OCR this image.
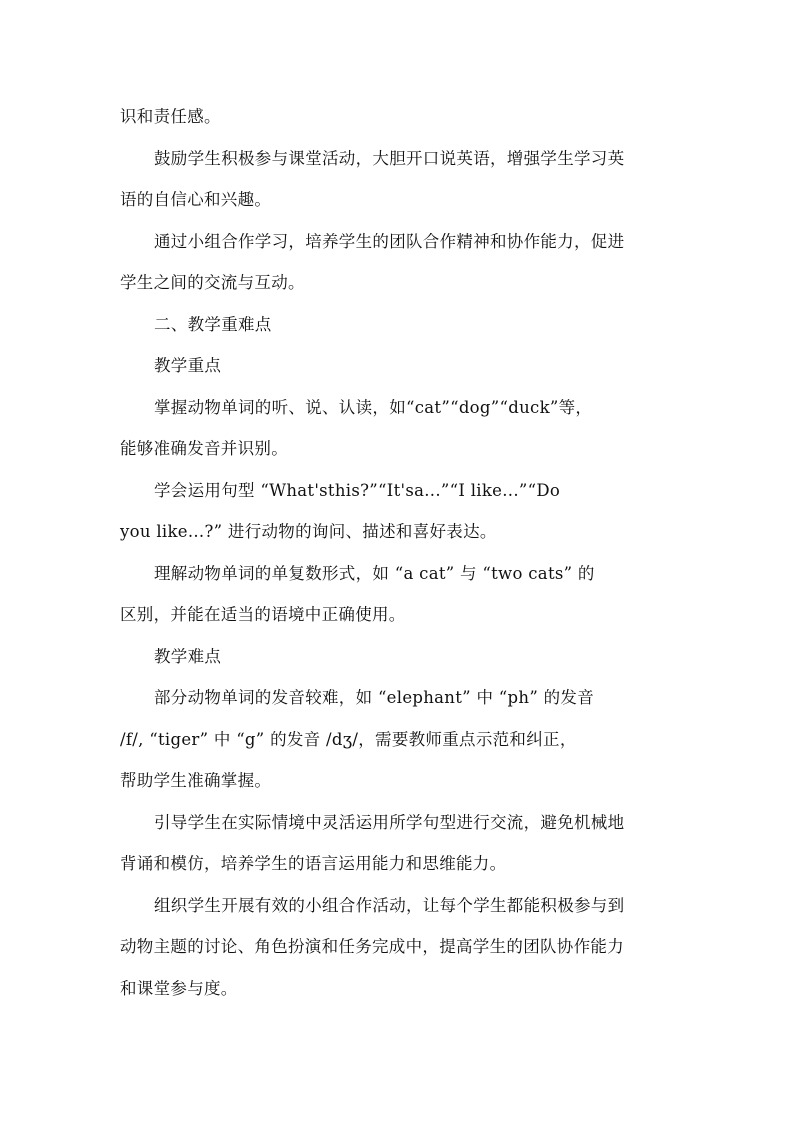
识和责任感。
鼓励学生积极参与课堂活动，大胆开口说英语，增强学生学习英
语的自信心和兴趣。
通过小组合作学习，培养学生的团队合作精神和协作能力，促进
学生之间的交流与互动。
二、教学重难点
教学重点
掌握动物单词的听、说、认读，如“cat”“dog”“duck”等，
能够准确发音并识别。
学会运用句型 “What'sthis?”“It'sa...”“I like...”“Do
you like...?” 进行动物的询问、描述和喜好表达。
理解动物单词的单复数形式，如 “a cat” 与 “two cats” 的
区别，并能在适当的语境中正确使用。
教学难点
部分动物单词的发音较难，如 “elephant” 中 “ph” 的发音
/f/, “tiger” 中 “g” 的发音 /dʒ/，需要教师重点示范和纠正，
帮助学生准确掌握。
引导学生在实际情境中灵活运用所学句型进行交流，避免机械地
背诵和模仿，培养学生的语言运用能力和思维能力。
组织学生开展有效的小组合作活动，让每个学生都能积极参与到
动物主题的讨论、角色扮演和任务完成中，提高学生的团队协作能力
和课堂参与度。
